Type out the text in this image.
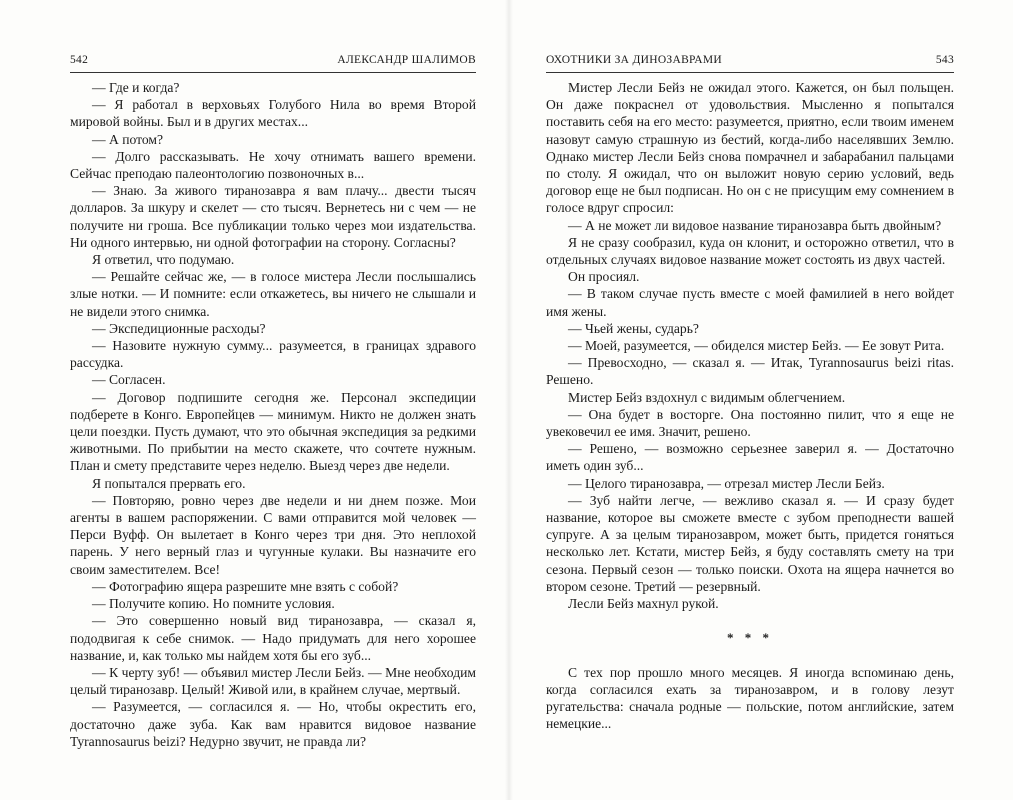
542	АЛЕКСАНДР ШАЛИМОВ

— Где и когда?

— Я работал в верховьях Голубого Нила во время Второй мировой войны. Был и в других местах...

— А потом?

— Долго рассказывать. Не хочу отнимать вашего времени. Сейчас преподаю палеонтологию позвоночных в...

— Знаю. За живого тиранозавра я вам плачу... двести тысяч долларов. За шкуру и скелет — сто тысяч. Вернетесь ни с чем — не получите ни гроша. Все публикации только через мои издательства. Ни одного интервью, ни одной фотографии на сторону. Согласны?

Я ответил, что подумаю.

— Решайте сейчас же, — в голосе мистера Лесли послышались злые нотки. — И помните: если откажетесь, вы ничего не слышали и не видели этого снимка.

— Экспедиционные расходы?

— Назовите нужную сумму... разумеется, в границах здравого рассудка.

— Согласен.

— Договор подпишите сегодня же. Персонал экспедиции подберете в Конго. Европейцев — минимум. Никто не должен знать цели поездки. Пусть думают, что это обычная экспедиция за редкими животными. По прибытии на место скажете, что сочтете нужным. План и смету представите через неделю. Выезд через две недели.

Я попытался прервать его.

— Повторяю, ровно через две недели и ни днем позже. Мои агенты в вашем распоряжении. С вами отправится мой человек — Перси Вуфф. Он вылетает в Конго через три дня. Это неплохой парень. У него верный глаз и чугунные кулаки. Вы назначите его своим заместителем. Все!

— Фотографию ящера разрешите мне взять с собой?

— Получите копию. Но помните условия.

— Это совершенно новый вид тиранозавра, — сказал я, пододвигая к себе снимок. — Надо придумать для него хорошее название, и, как только мы найдем хотя бы его зуб...

— К черту зуб! — объявил мистер Лесли Бейз. — Мне необходим целый тиранозавр. Целый! Живой или, в крайнем случае, мертвый.

— Разумеется, — согласился я. — Но, чтобы окрестить его, достаточно даже зуба. Как вам нравится видовое название Tyrannosaurus beizi? Недурно звучит, не правда ли?

ОХОТНИКИ ЗА ДИНОЗАВРАМИ	543

Мистер Лесли Бейз не ожидал этого. Кажется, он был польщен. Он даже покраснел от удовольствия. Мысленно я попытался поставить себя на его место: разумеется, приятно, если твоим именем назовут самую страшную из бестий, когда-либо населявших Землю. Однако мистер Лесли Бейз снова помрачнел и забарабанил пальцами по столу. Я ожидал, что он выложит новую серию условий, ведь договор еще не был подписан. Но он с не присущим ему сомнением в голосе вдруг спросил:

— А не может ли видовое название тиранозавра быть двойным?

Я не сразу сообразил, куда он клонит, и осторожно ответил, что в отдельных случаях видовое название может состоять из двух частей.

Он просиял.

— В таком случае пусть вместе с моей фамилией в него войдет имя жены.

— Чьей жены, сударь?

— Моей, разумеется, — обиделся мистер Бейз. — Ее зовут Рита.

— Превосходно, — сказал я. — Итак, Tyrannosaurus beizi ritas. Решено.

Мистер Бейз вздохнул с видимым облегчением.

— Она будет в восторге. Она постоянно пилит, что я еще не увековечил ее имя. Значит, решено.

— Решено, — возможно серьезнее заверил я. — Достаточно иметь один зуб...

— Целого тиранозавра, — отрезал мистер Лесли Бейз.

— Зуб найти легче, — вежливо сказал я. — И сразу будет название, которое вы сможете вместе с зубом преподнести вашей супруге. А за целым тиранозавром, может быть, придется гоняться несколько лет. Кстати, мистер Бейз, я буду составлять смету на три сезона. Первый сезон — только поиски. Охота на ящера начнется во втором сезоне. Третий — резервный.

Лесли Бейз махнул рукой.

* * *

С тех пор прошло много месяцев. Я иногда вспоминаю день, когда согласился ехать за тиранозавром, и в голову лезут ругательства: сначала родные — польские, потом английские, затем немецкие...
